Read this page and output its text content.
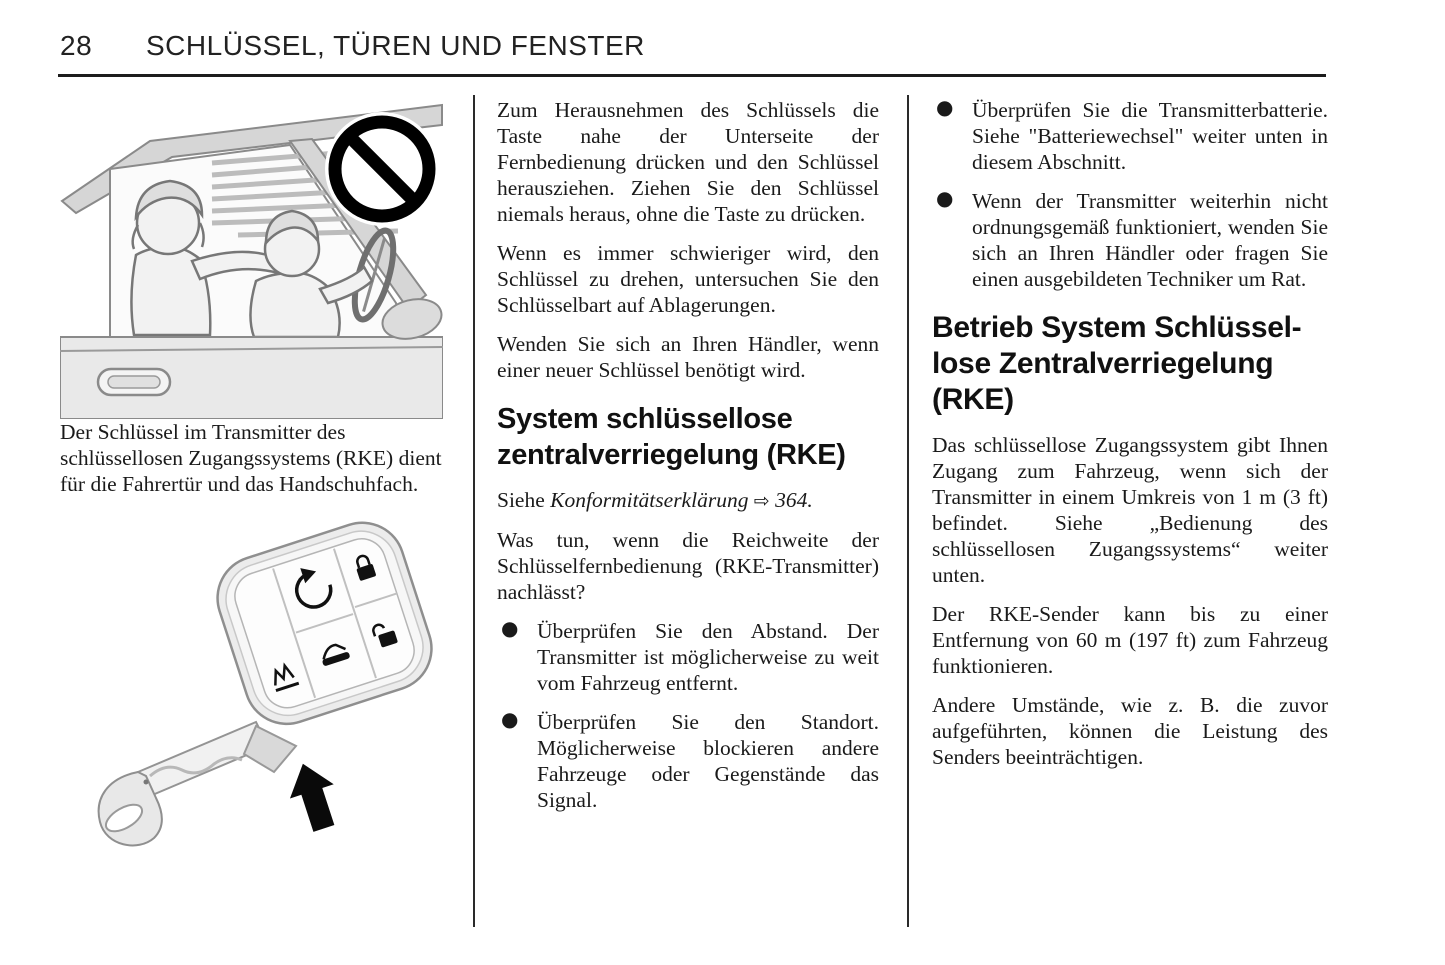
28 SCHLÜSSEL, TÜREN UND FENSTER

Der Schlüssel im Transmitter des schlüssellosen Zugangssystems (RKE) dient für die Fahrertür und das Handschuhfach.

Zum Herausnehmen des Schlüssels die Taste nahe der Unterseite der Fernbedienung drücken und den Schlüssel herausziehen. Ziehen Sie den Schlüssel niemals heraus, ohne die Taste zu drücken.

Wenn es immer schwieriger wird, den Schlüssel zu drehen, untersuchen Sie den Schlüsselbart auf Ablagerungen.

Wenden Sie sich an Ihren Händler, wenn einer neuer Schlüssel benötigt wird.

System schlüssellose zentralverriegelung (RKE)

Siehe Konformitätserklärung ⇨ 364.

Was tun, wenn die Reichweite der Schlüsselfernbedienung (RKE-Transmitter) nachlässt?

● Überprüfen Sie den Abstand. Der Transmitter ist möglicherweise zu weit vom Fahrzeug entfernt.
● Überprüfen Sie den Standort. Möglicherweise blockieren andere Fahrzeuge oder Gegenstände das Signal.
● Überprüfen Sie die Transmitterbatterie. Siehe "Batteriewechsel" weiter unten in diesem Abschnitt.
● Wenn der Transmitter weiterhin nicht ordnungsgemäß funktioniert, wenden Sie sich an Ihren Händler oder fragen Sie einen ausgebildeten Techniker um Rat.
Betrieb System Schlüssellose Zentralverriegelung (RKE)

Das schlüssellose Zugangssystem gibt Ihnen Zugang zum Fahrzeug, wenn sich der Transmitter in einem Umkreis von 1 m (3 ft) befindet. Siehe „Bedienung des schlüssellosen Zugangssystems“ weiter unten.

Der RKE-Sender kann bis zu einer Entfernung von 60 m (197 ft) zum Fahrzeug funktionieren.

Andere Umstände, wie z. B. die zuvor aufgeführten, können die Leistung des Senders beeinträchtigen.
